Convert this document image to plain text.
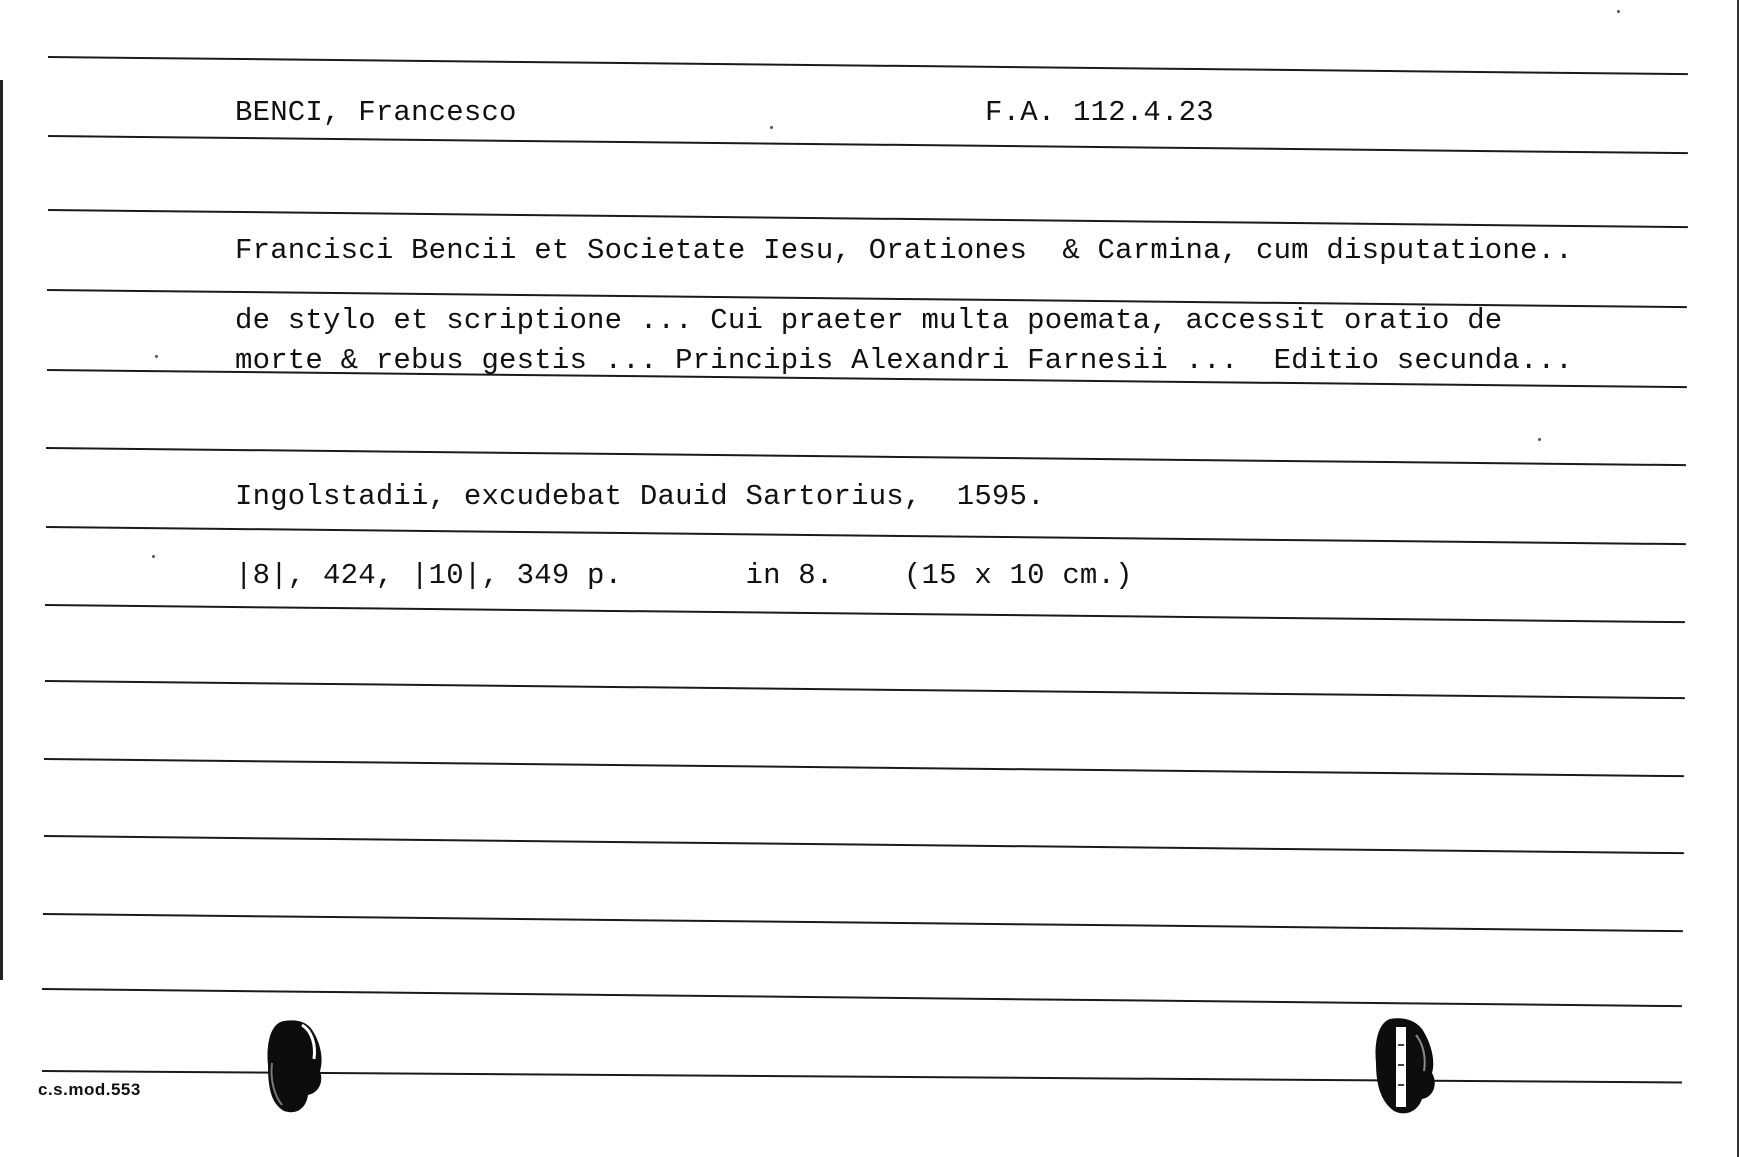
BENCI, Francesco	F.A. 112.4.23
Francisci Bencii et Societate Iesu, Orationes  & Carmina, cum disputatione..
de stylo et scriptione ... Cui praeter multa poemata, accessit oratio de
morte & rebus gestis ... Principis Alexandri Farnesii ...  Editio secunda...
Ingolstadii, excudebat Dauid Sartorius,  1595.
|8|, 424, |10|, 349 p.       in 8.    (15 x 10 cm.)
c.s.mod.553
